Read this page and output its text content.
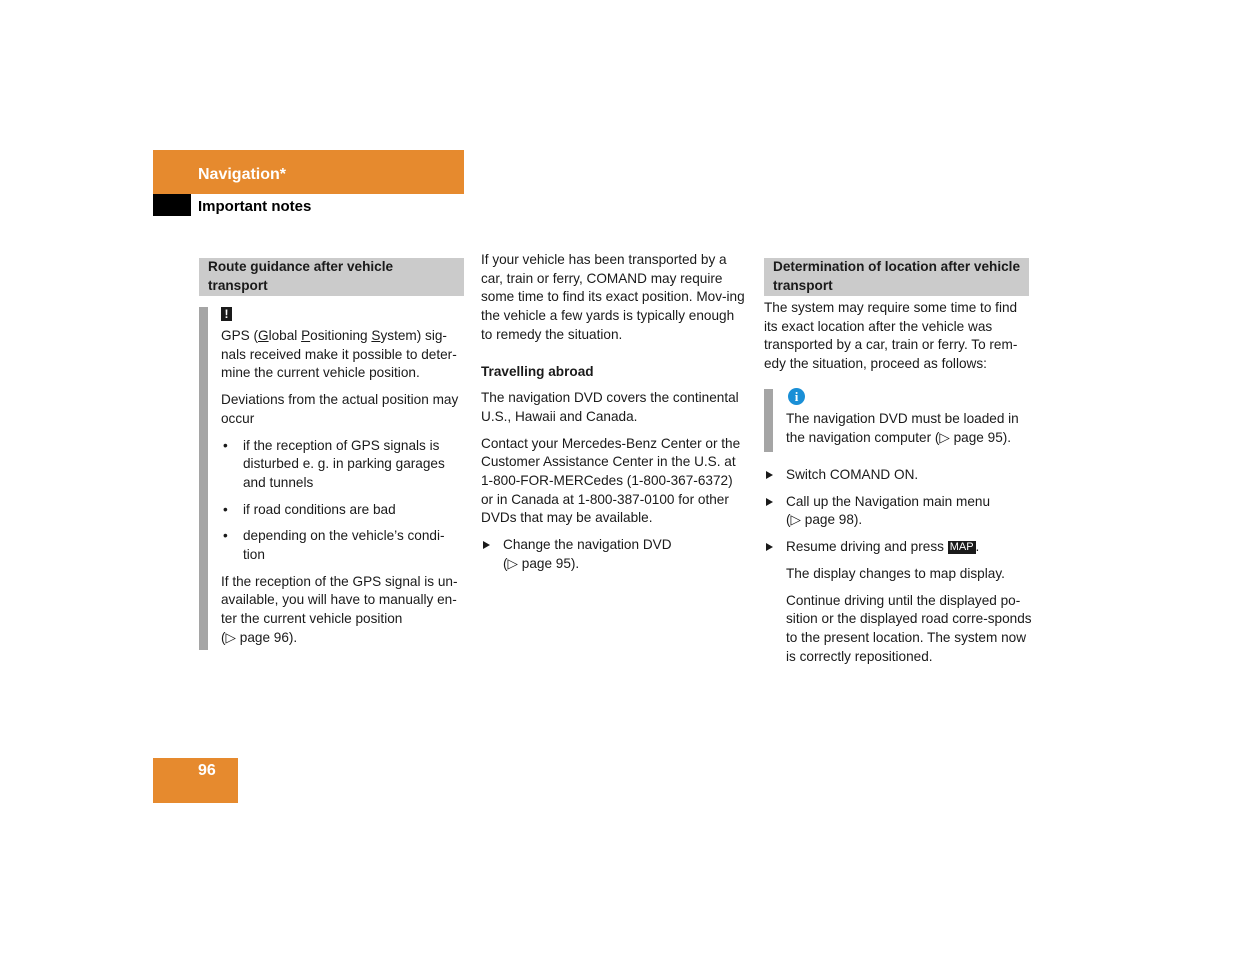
Navigation*
Important notes
Route guidance after vehicle transport
!

GPS (Global Positioning System) sig-

nals received make it possible to deter-

mine the current vehicle position.

Deviations from the actual position may occur

• if the reception of GPS signals is disturbed e. g. in parking garages and tunnels
• if road conditions are bad
• depending on the vehicle’s condi-tion

If the reception of the GPS signal is un-available, you will have to manually en-ter the current vehicle position

(▷ page 96).

If your vehicle has been transported by a car, train or ferry, COMAND may require some time to find its exact position. Mov-ing the vehicle a few yards is typically enough to remedy the situation.

Travelling abroad

The navigation DVD covers the continental U.S., Hawaii and Canada.

Contact your Mercedes-Benz Center or the Customer Assistance Center in the U.S. at 1-800-FOR-MERCedes (1-800-367-6372) or in Canada at 1-800-387-0100 for other DVDs that may be available.

Change the navigation DVD
(▷ page 95).
Determination of location after vehicle transport

The system may require some time to find its exact location after the vehicle was transported by a car, train or ferry. To rem-edy the situation, proceed as follows:

i

The navigation DVD must be loaded in the navigation computer (▷ page 95).

Switch COMAND ON.
Call up the Navigation main menu
(▷ page 98).
Resume driving and press MAP .

The display changes to map display.

Continue driving until the displayed po-sition or the displayed road corre-sponds to the present location. The system now is correctly repositioned.

96
